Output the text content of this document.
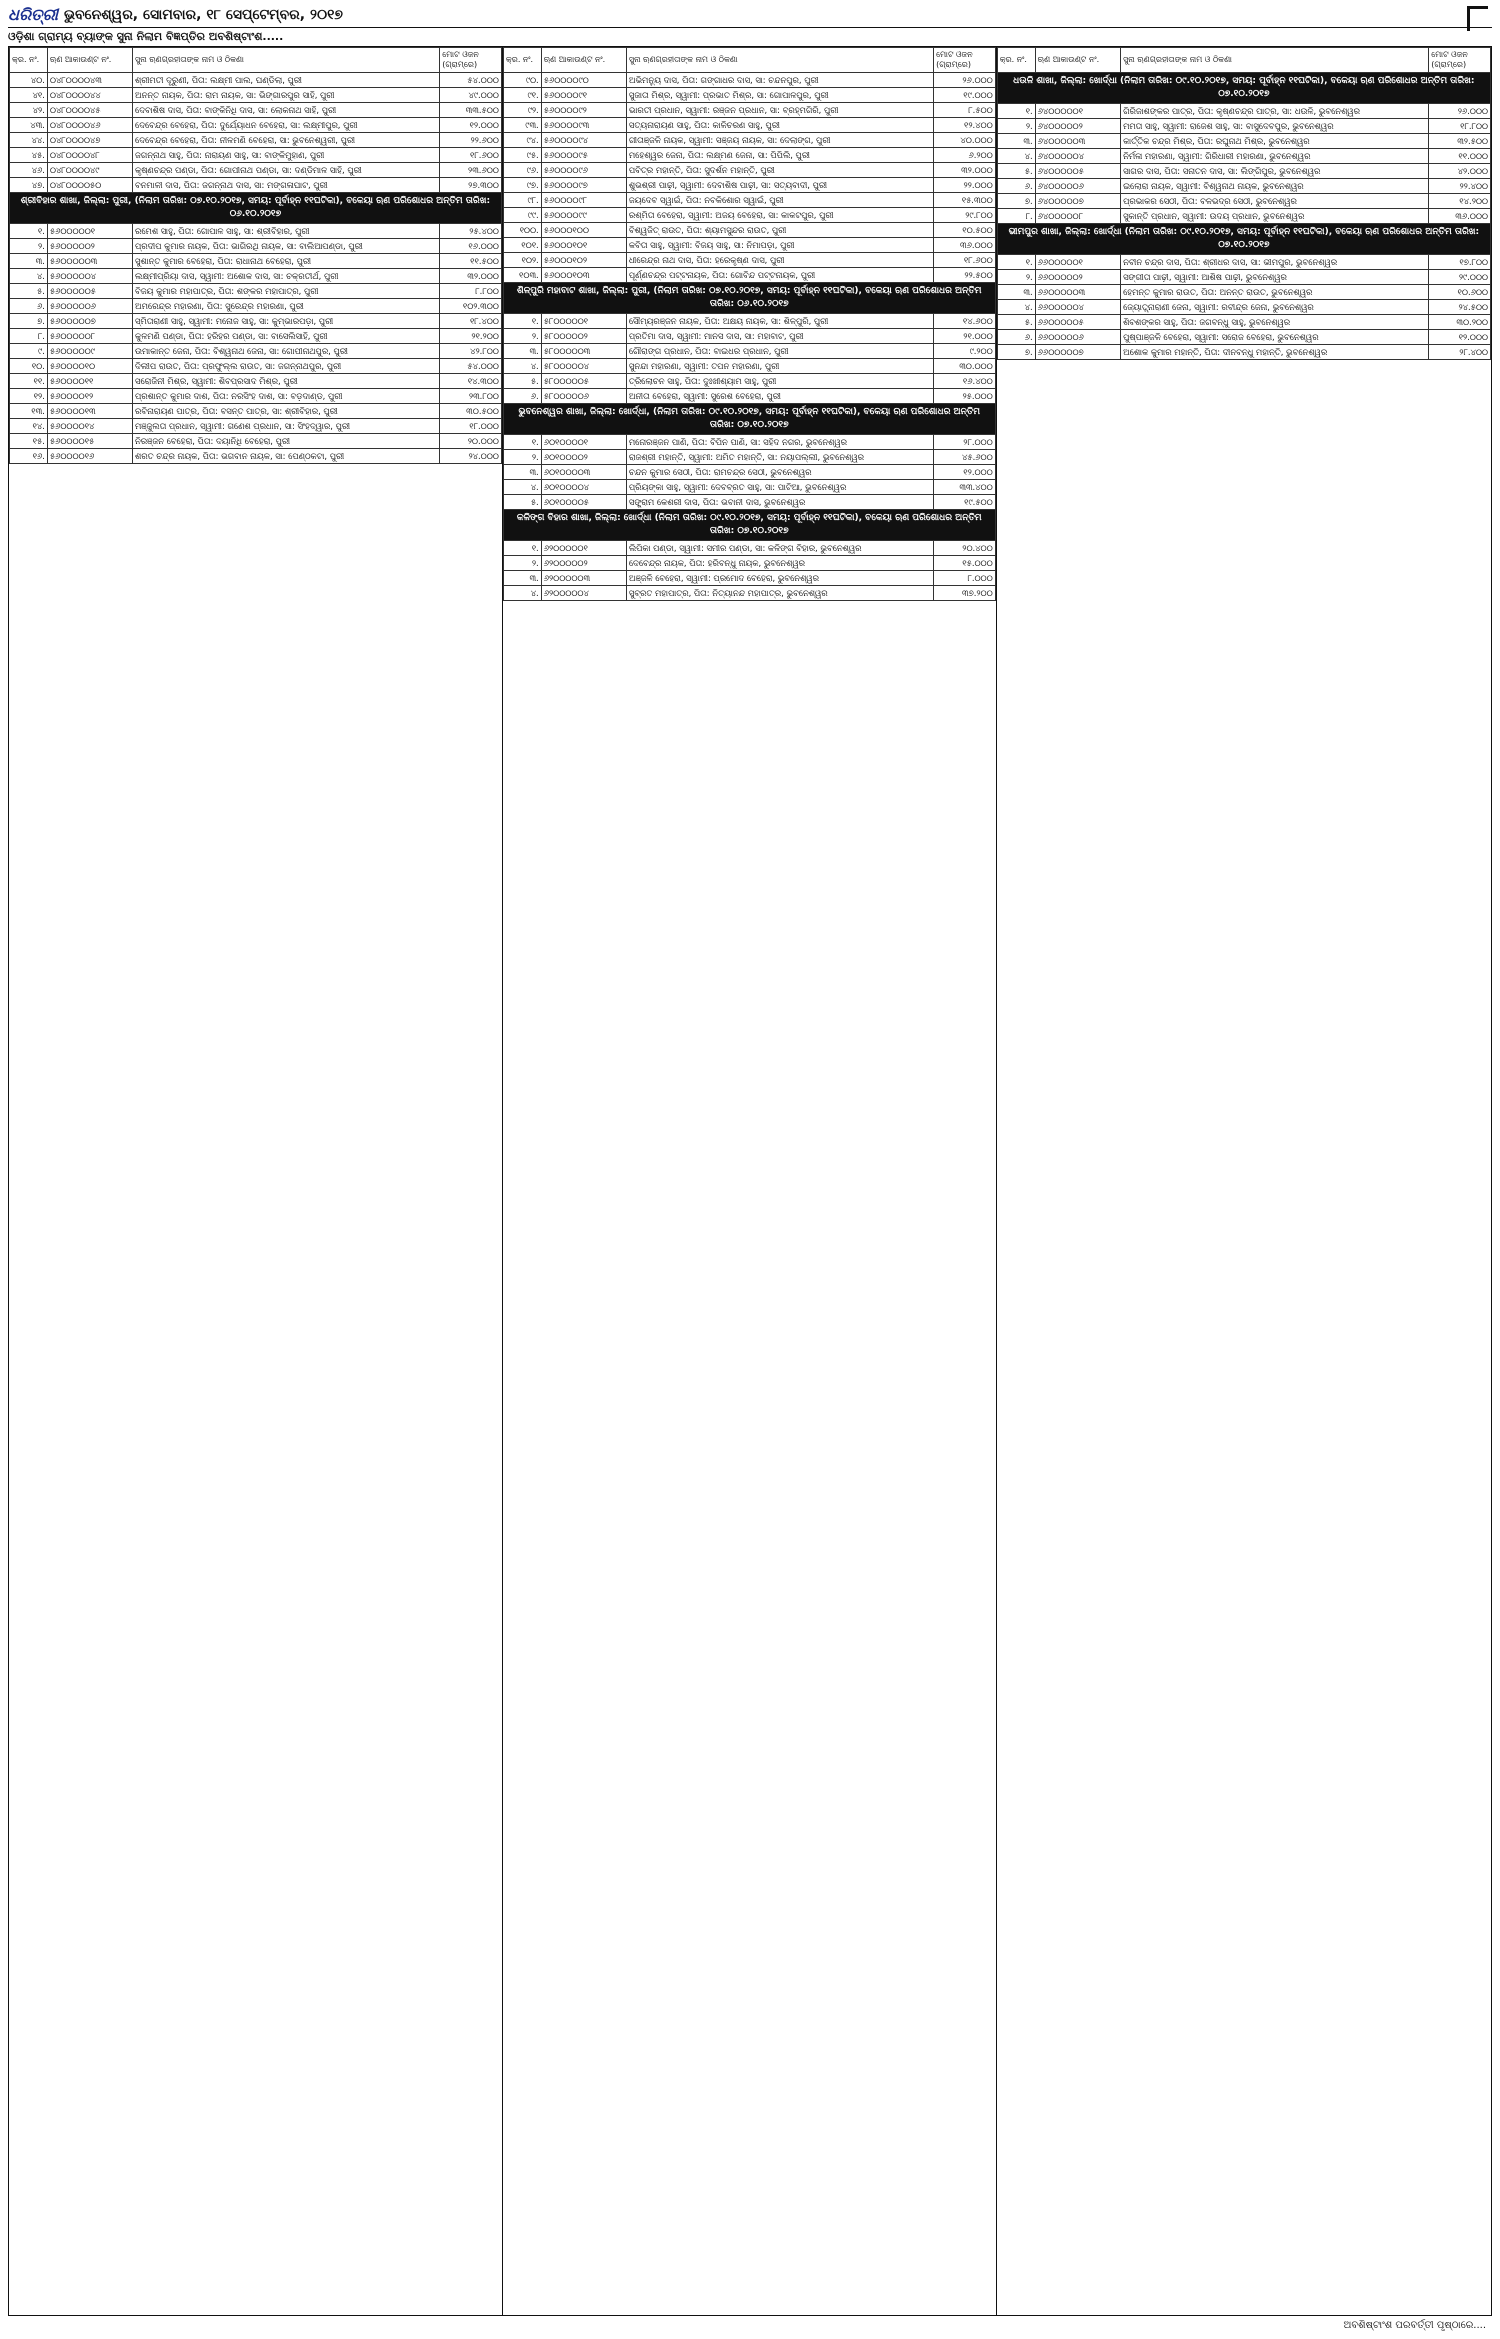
ଧରିତ୍ରୀ ଭୁବନେଶ୍ୱର, ସୋମବାର, ୧୮ ସେପ୍ଟେମ୍ବର, ୨୦୧୭
ଓଡ଼ିଶା ଗ୍ରାମ୍ୟ ବ୍ୟାଙ୍କ ସୁନା ନିଲାମ ବିଜ୍ଞପ୍ତିର ଅବଶିଷ୍ଟାଂଶ.....
କ୍ର. ନଂ.	ଋଣ ଆକାଉଣ୍ଟ ନଂ.	ସୁନା ଋଣଗ୍ରହୀତାଙ୍କ ନାମ ଓ ଠିକଣା	ମୋଟ ଓଜନ (ଗ୍ରାମ୍‌ରେ)
୪୦.	୦୪୮୦୦୦୦୪୩	ଶ୍ରୀମତୀ ଦୂରୁଣୀ, ପିତା: ଲକ୍ଷ୍ମୀ ପାଲ, ଘଣ୍ଡିଲା, ପୁରୀ	୫୪.୦୦୦
୪୧.	୦୪୮୦୦୦୦୪୪	ଅନନ୍ତ ନାୟକ, ପିତା: ରାମ ନାୟକ, ସା: ଭିଙ୍ଗାରପୁର ସାହି, ପୁରୀ	୪୯.୦୦୦
୪୨.	୦୪୮୦୦୦୦୪୫	ଦେବାଶିଷ ଦାସ, ପିତା: ବାଙ୍କିନିଧି ଦାସ, ସା: ଲୋକନାଥ ସାହି, ପୁରୀ	୩୩.୫୦୦
୪୩.	୦୪୮୦୦୦୦୪୬	ଦେବେନ୍ଦ୍ର ବେହେରା, ପିତା: ଦୁର୍ଯ୍ୟୋଧନ ବେହେରା, ସା: ଲକ୍ଷ୍ମୀପୁର, ପୁରୀ	୧୨.୦୦୦
୪୪.	୦୪୮୦୦୦୦୪୭	ଦେବେନ୍ଦ୍ର ବେହେରା, ପିତା: ନୀଳମଣି ବେହେରା, ସା: ଭୁବନେଶ୍ୱରୀ, ପୁରୀ	୨୨.୬୦୦
୪୫.	୦୪୮୦୦୦୦୪୮	ଜଗନ୍ନାଥ ସାହୁ, ପିତା: ନାରାୟଣ ସାହୁ, ସା: ବାଙ୍କିମୁହାଣ, ପୁରୀ	୧୮.୬୦୦
୪୬.	୦୪୮୦୦୦୦୪୯	କୃଷ୍ଣଚନ୍ଦ୍ର ପଣ୍ଡା, ପିତା: ଗୋପୀନାଥ ପଣ୍ଡା, ସା: ଦଣ୍ଡିମାଳ ସାହି, ପୁରୀ	୨୩.୬୦୦
୪୭.	୦୪୮୦୦୦୦୫୦	ବନମାଳୀ ଦାସ, ପିତା: ଜଗନ୍ନାଥ ଦାସ, ସା: ମଙ୍ଗଳାଘାଟ, ପୁରୀ	୨୭.୩୦୦
ଶ୍ରୀବିହାର ଶାଖା, ଜିଲ୍ଲା: ପୁରୀ, (ନିଲାମ ତାରିଖ: ୦୭.୧୦.୨୦୧୭, ସମୟ: ପୂର୍ବାହ୍ନ ୧୧ଘଟିକା), ବକେୟା ଋଣ ପରିଶୋଧର ଅନ୍ତିମ ତାରିଖ: ୦୬.୧୦.୨୦୧୭			
୧.	୫୬୦୦୦୦୦୧	ରମେଶ ସାହୁ, ପିତା: ଗୋପାଳ ସାହୁ, ସା: ଶ୍ରୀବିହାର, ପୁରୀ	୨୫.୪୦୦
୨.	୫୬୦୦୦୦୦୨	ପ୍ରଦୀପ କୁମାର ନାୟକ, ପିତା: ଭାଗିରଥି ନାୟକ, ସା: ବାଲିଆପଣ୍ଡା, ପୁରୀ	୧୬.୦୦୦
୩.	୫୬୦୦୦୦୦୩	ସୁଶାନ୍ତ କୁମାର ବେହେରା, ପିତା: ରାଧାନାଥ ବେହେରା, ପୁରୀ	୧୧.୫୦୦
୪.	୫୬୦୦୦୦୦୪	ଲକ୍ଷ୍ମୀପ୍ରିୟା ଦାସ, ସ୍ୱାମୀ: ଅଶୋକ ଦାସ, ସା: ଚକ୍ରତୀର୍ଥ, ପୁରୀ	୩୨.୦୦୦
୫.	୫୬୦୦୦୦୦୫	ବିଜୟ କୁମାର ମହାପାତ୍ର, ପିତା: ଶଙ୍କର ମହାପାତ୍ର, ପୁରୀ	୮.୮୦୦
୬.	୫୬୦୦୦୦୦୬	ଅମରେନ୍ଦ୍ର ମହାରଣା, ପିତା: ସୁରେନ୍ଦ୍ର ମହାରଣା, ପୁରୀ	୧୦୨.୩୦୦
୭.	୫୬୦୦୦୦୦୭	ସ୍ମିତାରାଣୀ ସାହୁ, ସ୍ୱାମୀ: ମନୋଜ ସାହୁ, ସା: କୁମ୍ଭାରପଡ଼ା, ପୁରୀ	୧୮.୪୦୦
୮.	୫୬୦୦୦୦୦୮	କୁଳମଣି ପଣ୍ଡା, ପିତା: ହରିହର ପଣ୍ଡା, ସା: ବାସେଲିସାହି, ପୁରୀ	୨୧.୨୦୦
୯.	୫୬୦୦୦୦୦୯	ଉମାକାନ୍ତ ଜେନା, ପିତା: ବିଶ୍ୱନାଥ ଜେନା, ସା: ଗୋପୀନାଥପୁର, ପୁରୀ	୪୨.୮୦୦
୧୦.	୫୬୦୦୦୦୧୦	ଦିଲୀପ ରାଉତ, ପିତା: ପ୍ରଫୁଲ୍ଲ ରାଉତ, ସା: ଜଗନ୍ନାଥପୁର, ପୁରୀ	୫୪.୦୦୦
୧୧.	୫୬୦୦୦୦୧୧	ସରୋଜିନୀ ମିଶ୍ର, ସ୍ୱାମୀ: ଶିବପ୍ରସାଦ ମିଶ୍ର, ପୁରୀ	୧୪.୩୦୦
୧୨.	୫୬୦୦୦୦୧୨	ପ୍ରଶାନ୍ତ କୁମାର ଦାଶ, ପିତା: ନରସିଂହ ଦାଶ, ସା: ବଡ଼ଦାଣ୍ଡ, ପୁରୀ	୨୩.୮୦୦
୧୩.	୫୬୦୦୦୦୧୩	ରବିନାରାୟଣ ପାତ୍ର, ପିତା: ବସନ୍ତ ପାତ୍ର, ସା: ଶ୍ରୀବିହାର, ପୁରୀ	୩୦.୫୦୦
୧୪.	୫୬୦୦୦୦୧୪	ମଞ୍ଜୁଲତା ପ୍ରଧାନ, ସ୍ୱାମୀ: ଗଣେଶ ପ୍ରଧାନ, ସା: ସିଂହଦ୍ୱାର, ପୁରୀ	୧୮.୦୦୦
୧୫.	୫୬୦୦୦୦୧୫	ନିରଞ୍ଜନ ବେହେରା, ପିତା: ଦୟାନିଧି ବେହେରା, ପୁରୀ	୨୦.୦୦୦
୧୬.	୫୬୦୦୦୦୧୬	ଶରତ ଚନ୍ଦ୍ର ନାୟକ, ପିତା: ଭଗବାନ ନାୟକ, ସା: ପେଣ୍ଠକଟା, ପୁରୀ	୨୪.୦୦୦
କ୍ର. ନଂ.	ଋଣ ଆକାଉଣ୍ଟ ନଂ.	ସୁନା ଋଣଗ୍ରହୀତାଙ୍କ ନାମ ଓ ଠିକଣା	ମୋଟ ଓଜନ (ଗ୍ରାମ୍‌ରେ)
୯୦.	୫୬୦୦୦୦୯୦	ଅଭିମନ୍ୟୁ ଦାସ, ପିତା: ଗଙ୍ଗାଧର ଦାସ, ସା: ଚନ୍ଦନପୁର, ପୁରୀ	୨୬.୦୦୦
୯୧.	୫୬୦୦୦୦୯୧	ସୁଜାତା ମିଶ୍ର, ସ୍ୱାମୀ: ପ୍ରଭାତ ମିଶ୍ର, ସା: ଗୋପାଳପୁର, ପୁରୀ	୧୯.୦୦୦
୯୨.	୫୬୦୦୦୦୯୨	ଭାରତୀ ପ୍ରଧାନ, ସ୍ୱାମୀ: ରଞ୍ଜନ ପ୍ରଧାନ, ସା: ବ୍ରହ୍ମଗିରି, ପୁରୀ	୮.୫୦୦
୯୩.	୫୬୦୦୦୦୯୩	ସତ୍ୟନାରାୟଣ ସାହୁ, ପିତା: କାଳିଚରଣ ସାହୁ, ପୁରୀ	୧୨.୪୦୦
୯୪.	୫୬୦୦୦୦୯୪	ଗୀତାଞ୍ଜଳି ନାୟକ, ସ୍ୱାମୀ: ସଞ୍ଜୟ ନାୟକ, ସା: ଦେଲାଙ୍ଗ, ପୁରୀ	୪୦.୦୦୦
୯୫.	୫୬୦୦୦୦୯୫	ମହେଶ୍ୱର ଜେନା, ପିତା: ଲକ୍ଷ୍ମଣ ଜେନା, ସା: ପିପିଲି, ପୁରୀ	୬.୨୦୦
୯୬.	୫୬୦୦୦୦୯୬	ପବିତ୍ର ମହାନ୍ତି, ପିତା: ସୁଦର୍ଶନ ମହାନ୍ତି, ପୁରୀ	୩୨.୦୦୦
୯୭.	୫୬୦୦୦୦୯୭	ଶୁଭଶ୍ରୀ ପାଢ଼ୀ, ସ୍ୱାମୀ: ଦେବାଶିଷ ପାଢ଼ୀ, ସା: ସତ୍ୟବାଦୀ, ପୁରୀ	୨୨.୦୦୦
୯୮.	୫୬୦୦୦୦୯୮	ଜୟଦେବ ସ୍ୱାଇଁ, ପିତା: ନବକିଶୋର ସ୍ୱାଇଁ, ପୁରୀ	୧୫.୩୦୦
୯୯.	୫୬୦୦୦୦୯୯	ରଶ୍ମିତା ବେହେରା, ସ୍ୱାମୀ: ଅଜୟ ବେହେରା, ସା: କାକଟପୁର, ପୁରୀ	୨୯.୮୦୦
୧୦୦.	୫୬୦୦୦୧୦୦	ବିଶ୍ୱଜିତ୍ ରାଉତ, ପିତା: ଶ୍ୟାମସୁନ୍ଦର ରାଉତ, ପୁରୀ	୧୦.୫୦୦
୧୦୧.	୫୬୦୦୦୧୦୧	କବିତା ସାହୁ, ସ୍ୱାମୀ: ବିଜୟ ସାହୁ, ସା: ନିମାପଡ଼ା, ପୁରୀ	୩୬.୦୦୦
୧୦୨.	୫୬୦୦୦୧୦୨	ଧୀରେନ୍ଦ୍ର ନାଥ ଦାସ, ପିତା: ହରେକୃଷ୍ଣ ଦାସ, ପୁରୀ	୧୮.୬୦୦
୧୦୩.	୫୬୦୦୦୧୦୩	ପୂର୍ଣ୍ଣଚନ୍ଦ୍ର ପଟ୍ଟନାୟକ, ପିତା: ଗୋବିନ୍ଦ ପଟ୍ଟନାୟକ, ପୁରୀ	୨୨.୫୦୦
ଶିଳ୍ପୁରି ମହାବାଟ ଶାଖା, ଜିଲ୍ଲା: ପୁରୀ, (ନିଲାମ ତାରିଖ: ୦୭.୧୦.୨୦୧୭, ସମୟ: ପୂର୍ବାହ୍ନ ୧୧ଘଟିକା), ବକେୟା ଋଣ ପରିଶୋଧର ଅନ୍ତିମ ତାରିଖ: ୦୬.୧୦.୨୦୧୭			
୧.	୫୮୦୦୦୦୦୧	ସୌମ୍ୟରଞ୍ଜନ ନାୟକ, ପିତା: ଅକ୍ଷୟ ନାୟକ, ସା: ଶିଳ୍ପୁରି, ପୁରୀ	୧୪.୬୦୦
୨.	୫୮୦୦୦୦୦୨	ପ୍ରତିମା ଦାସ, ସ୍ୱାମୀ: ମାନସ ଦାସ, ସା: ମହାବାଟ, ପୁରୀ	୨୧.୦୦୦
୩.	୫୮୦୦୦୦୦୩	ଗୌରାଙ୍ଗ ପ୍ରଧାନ, ପିତା: ବାଇଧର ପ୍ରଧାନ, ପୁରୀ	୯.୨୦୦
୪.	୫୮୦୦୦୦୦୪	ସୁନନ୍ଦା ମହାରଣା, ସ୍ୱାମୀ: ତପନ ମହାରଣା, ପୁରୀ	୩୦.୦୦୦
୫.	୫୮୦୦୦୦୦୫	ତ୍ରିଲୋଚନ ସାହୁ, ପିତା: ଦୁଃଖୀଶ୍ୟାମ ସାହୁ, ପୁରୀ	୧୬.୪୦୦
୬.	୫୮୦୦୦୦୦୬	ଅନୀତା ବେହେରା, ସ୍ୱାମୀ: ସୁରେଶ ବେହେରା, ପୁରୀ	୨୫.୦୦୦
ଭୁବନେଶ୍ୱର ଶାଖା, ଜିଲ୍ଲା: ଖୋର୍ଦ୍ଧା, (ନିଲାମ ତାରିଖ: ୦୯.୧୦.୨୦୧୭, ସମୟ: ପୂର୍ବାହ୍ନ ୧୧ଘଟିକା), ବକେୟା ଋଣ ପରିଶୋଧର ଅନ୍ତିମ ତାରିଖ: ୦୭.୧୦.୨୦୧୭			
୧.	୬୦୧୦୦୦୦୧	ମନୋରଞ୍ଜନ ପାଣି, ପିତା: ବିପିନ ପାଣି, ସା: ସହିଦ ନଗର, ଭୁବନେଶ୍ୱର	୨୮.୦୦୦
୨.	୬୦୧୦୦୦୦୨	ରାଜଶ୍ରୀ ମହାନ୍ତି, ସ୍ୱାମୀ: ଅମିତ ମହାନ୍ତି, ସା: ନୟାପଲ୍ଲୀ, ଭୁବନେଶ୍ୱର	୪୫.୬୦୦
୩.	୬୦୧୦୦୦୦୩	ଚନ୍ଦନ କୁମାର ସେଠୀ, ପିତା: ରାମଚନ୍ଦ୍ର ସେଠୀ, ଭୁବନେଶ୍ୱର	୧୨.୦୦୦
୪.	୬୦୧୦୦୦୦୪	ପ୍ରିୟଙ୍କା ସାହୁ, ସ୍ୱାମୀ: ଦେବବ୍ରତ ସାହୁ, ସା: ପାଟିଆ, ଭୁବନେଶ୍ୱର	୩୩.୪୦୦
୫.	୬୦୧୦୦୦୦୫	ସଙ୍ଗ୍ରାମ କେଶରୀ ଦାସ, ପିତା: ଭବାନୀ ଦାସ, ଭୁବନେଶ୍ୱର	୧୯.୫୦୦
କଳିଙ୍ଗ ବିହାର ଶାଖା, ଜିଲ୍ଲା: ଖୋର୍ଦ୍ଧା (ନିଲାମ ତାରିଖ: ୦୯.୧୦.୨୦୧୭, ସମୟ: ପୂର୍ବାହ୍ନ ୧୧ଘଟିକା), ବକେୟା ଋଣ ପରିଶୋଧର ଅନ୍ତିମ ତାରିଖ: ୦୭.୧୦.୨୦୧୭			
୧.	୬୨୦୦୦୦୦୧	ଲିପିକା ପଣ୍ଡା, ସ୍ୱାମୀ: ସମୀର ପଣ୍ଡା, ସା: କଳିଙ୍ଗ ବିହାର, ଭୁବନେଶ୍ୱର	୨୦.୪୦୦
୨.	୬୨୦୦୦୦୦୨	ଦେବେନ୍ଦ୍ର ନାୟକ, ପିତା: ହରିବନ୍ଧୁ ନାୟକ, ଭୁବନେଶ୍ୱର	୧୫.୦୦୦
୩.	୬୨୦୦୦୦୦୩	ଅଞ୍ଜଳି ବେହେରା, ସ୍ୱାମୀ: ପ୍ରମୋଦ ବେହେରା, ଭୁବନେଶ୍ୱର	୮.୦୦୦
୪.	୬୨୦୦୦୦୦୪	ସୁବ୍ରତ ମହାପାତ୍ର, ପିତା: ନିତ୍ୟାନନ୍ଦ ମହାପାତ୍ର, ଭୁବନେଶ୍ୱର	୩୭.୨୦୦
କ୍ର. ନଂ.	ଋଣ ଆକାଉଣ୍ଟ ନଂ.	ସୁନା ଋଣଗ୍ରହୀତାଙ୍କ ନାମ ଓ ଠିକଣା	ମୋଟ ଓଜନ (ଗ୍ରାମ୍‌ରେ)
ଧଉଳି ଶାଖା, ଜିଲ୍ଲା: ଖୋର୍ଦ୍ଧା (ନିଲାମ ତାରିଖ: ୦୯.୧୦.୨୦୧୭, ସମୟ: ପୂର୍ବାହ୍ନ ୧୧ଘଟିକା), ବକେୟା ଋଣ ପରିଶୋଧର ଅନ୍ତିମ ତାରିଖ: ୦୭.୧୦.୨୦୧୭			
୧.	୬୪୦୦୦୦୦୧	ଗିରିଜାଶଙ୍କର ପାତ୍ର, ପିତା: କୃଷ୍ଣଚନ୍ଦ୍ର ପାତ୍ର, ସା: ଧଉଳି, ଭୁବନେଶ୍ୱର	୨୬.୦୦୦
୨.	୬୪୦୦୦୦୦୨	ମମତା ସାହୁ, ସ୍ୱାମୀ: ରାଜେଶ ସାହୁ, ସା: ବାସୁଦେବପୁର, ଭୁବନେଶ୍ୱର	୧୮.୮୦୦
୩.	୬୪୦୦୦୦୦୩	କାର୍ତ୍ତିକ ଚନ୍ଦ୍ର ମିଶ୍ର, ପିତା: ରଘୁନାଥ ମିଶ୍ର, ଭୁବନେଶ୍ୱର	୩୨.୫୦୦
୪.	୬୪୦୦୦୦୦୪	ନିର୍ମଳା ମହାରଣା, ସ୍ୱାମୀ: ଗିରିଧାରୀ ମହାରଣା, ଭୁବନେଶ୍ୱର	୧୧.୦୦୦
୫.	୬୪୦୦୦୦୦୫	ସାଗର ଦାସ, ପିତା: ସନାତନ ଦାସ, ସା: ଲିଙ୍ଗିପୁର, ଭୁବନେଶ୍ୱର	୪୨.୦୦୦
୬.	୬୪୦୦୦୦୦୬	ଇଲୋରା ନାୟକ, ସ୍ୱାମୀ: ବିଶ୍ୱନାଥ ନାୟକ, ଭୁବନେଶ୍ୱର	୨୨.୪୦୦
୭.	୬୪୦୦୦୦୦୭	ପ୍ରଭାକର ସେଠୀ, ପିତା: ବଳଭଦ୍ର ସେଠୀ, ଭୁବନେଶ୍ୱର	୧୪.୨୦୦
୮.	୬୪୦୦୦୦୦୮	ସୁକାନ୍ତି ପ୍ରଧାନ, ସ୍ୱାମୀ: ଉଦୟ ପ୍ରଧାନ, ଭୁବନେଶ୍ୱର	୩୬.୦୦୦
ଭୀମପୁର ଶାଖା, ଜିଲ୍ଲା: ଖୋର୍ଦ୍ଧା (ନିଲାମ ତାରିଖ: ୦୯.୧୦.୨୦୧୭, ସମୟ: ପୂର୍ବାହ୍ନ ୧୧ଘଟିକା), ବକେୟା ଋଣ ପରିଶୋଧର ଅନ୍ତିମ ତାରିଖ: ୦୭.୧୦.୨୦୧୭			
୧.	୬୬୦୦୦୦୦୧	ନବୀନ ଚନ୍ଦ୍ର ଦାସ, ପିତା: ଶ୍ରୀଧର ଦାସ, ସା: ଭୀମପୁର, ଭୁବନେଶ୍ୱର	୧୭.୮୦୦
୨.	୬୬୦୦୦୦୦୨	ସଙ୍ଗୀତା ପାଢ଼ୀ, ସ୍ୱାମୀ: ଆଶିଷ ପାଢ଼ୀ, ଭୁବନେଶ୍ୱର	୨୯.୦୦୦
୩.	୬୬୦୦୦୦୦୩	ହେମନ୍ତ କୁମାର ରାଉତ, ପିତା: ଅନନ୍ତ ରାଉତ, ଭୁବନେଶ୍ୱର	୧୦.୬୦୦
୪.	୬୬୦୦୦୦୦୪	ଜ୍ୟୋତ୍ସ୍ନାରାଣୀ ଜେନା, ସ୍ୱାମୀ: ରବୀନ୍ଦ୍ର ଜେନା, ଭୁବନେଶ୍ୱର	୨୪.୫୦୦
୫.	୬୬୦୦୦୦୦୫	ଶିବଶଙ୍କର ସାହୁ, ପିତା: ଜଗବନ୍ଧୁ ସାହୁ, ଭୁବନେଶ୍ୱର	୩୦.୨୦୦
୬.	୬୬୦୦୦୦୦୬	ପୁଷ୍ପାଞ୍ଜଳି ବେହେରା, ସ୍ୱାମୀ: ସରୋଜ ବେହେରା, ଭୁବନେଶ୍ୱର	୧୨.୦୦୦
୭.	୬୬୦୦୦୦୦୭	ଅଶୋକ କୁମାର ମହାନ୍ତି, ପିତା: ଦୀନବନ୍ଧୁ ମହାନ୍ତି, ଭୁବନେଶ୍ୱର	୨୮.୪୦୦
ଅବଶିଷ୍ଟାଂଶ ପରବର୍ତ୍ତୀ ପୃଷ୍ଠାରେ....
